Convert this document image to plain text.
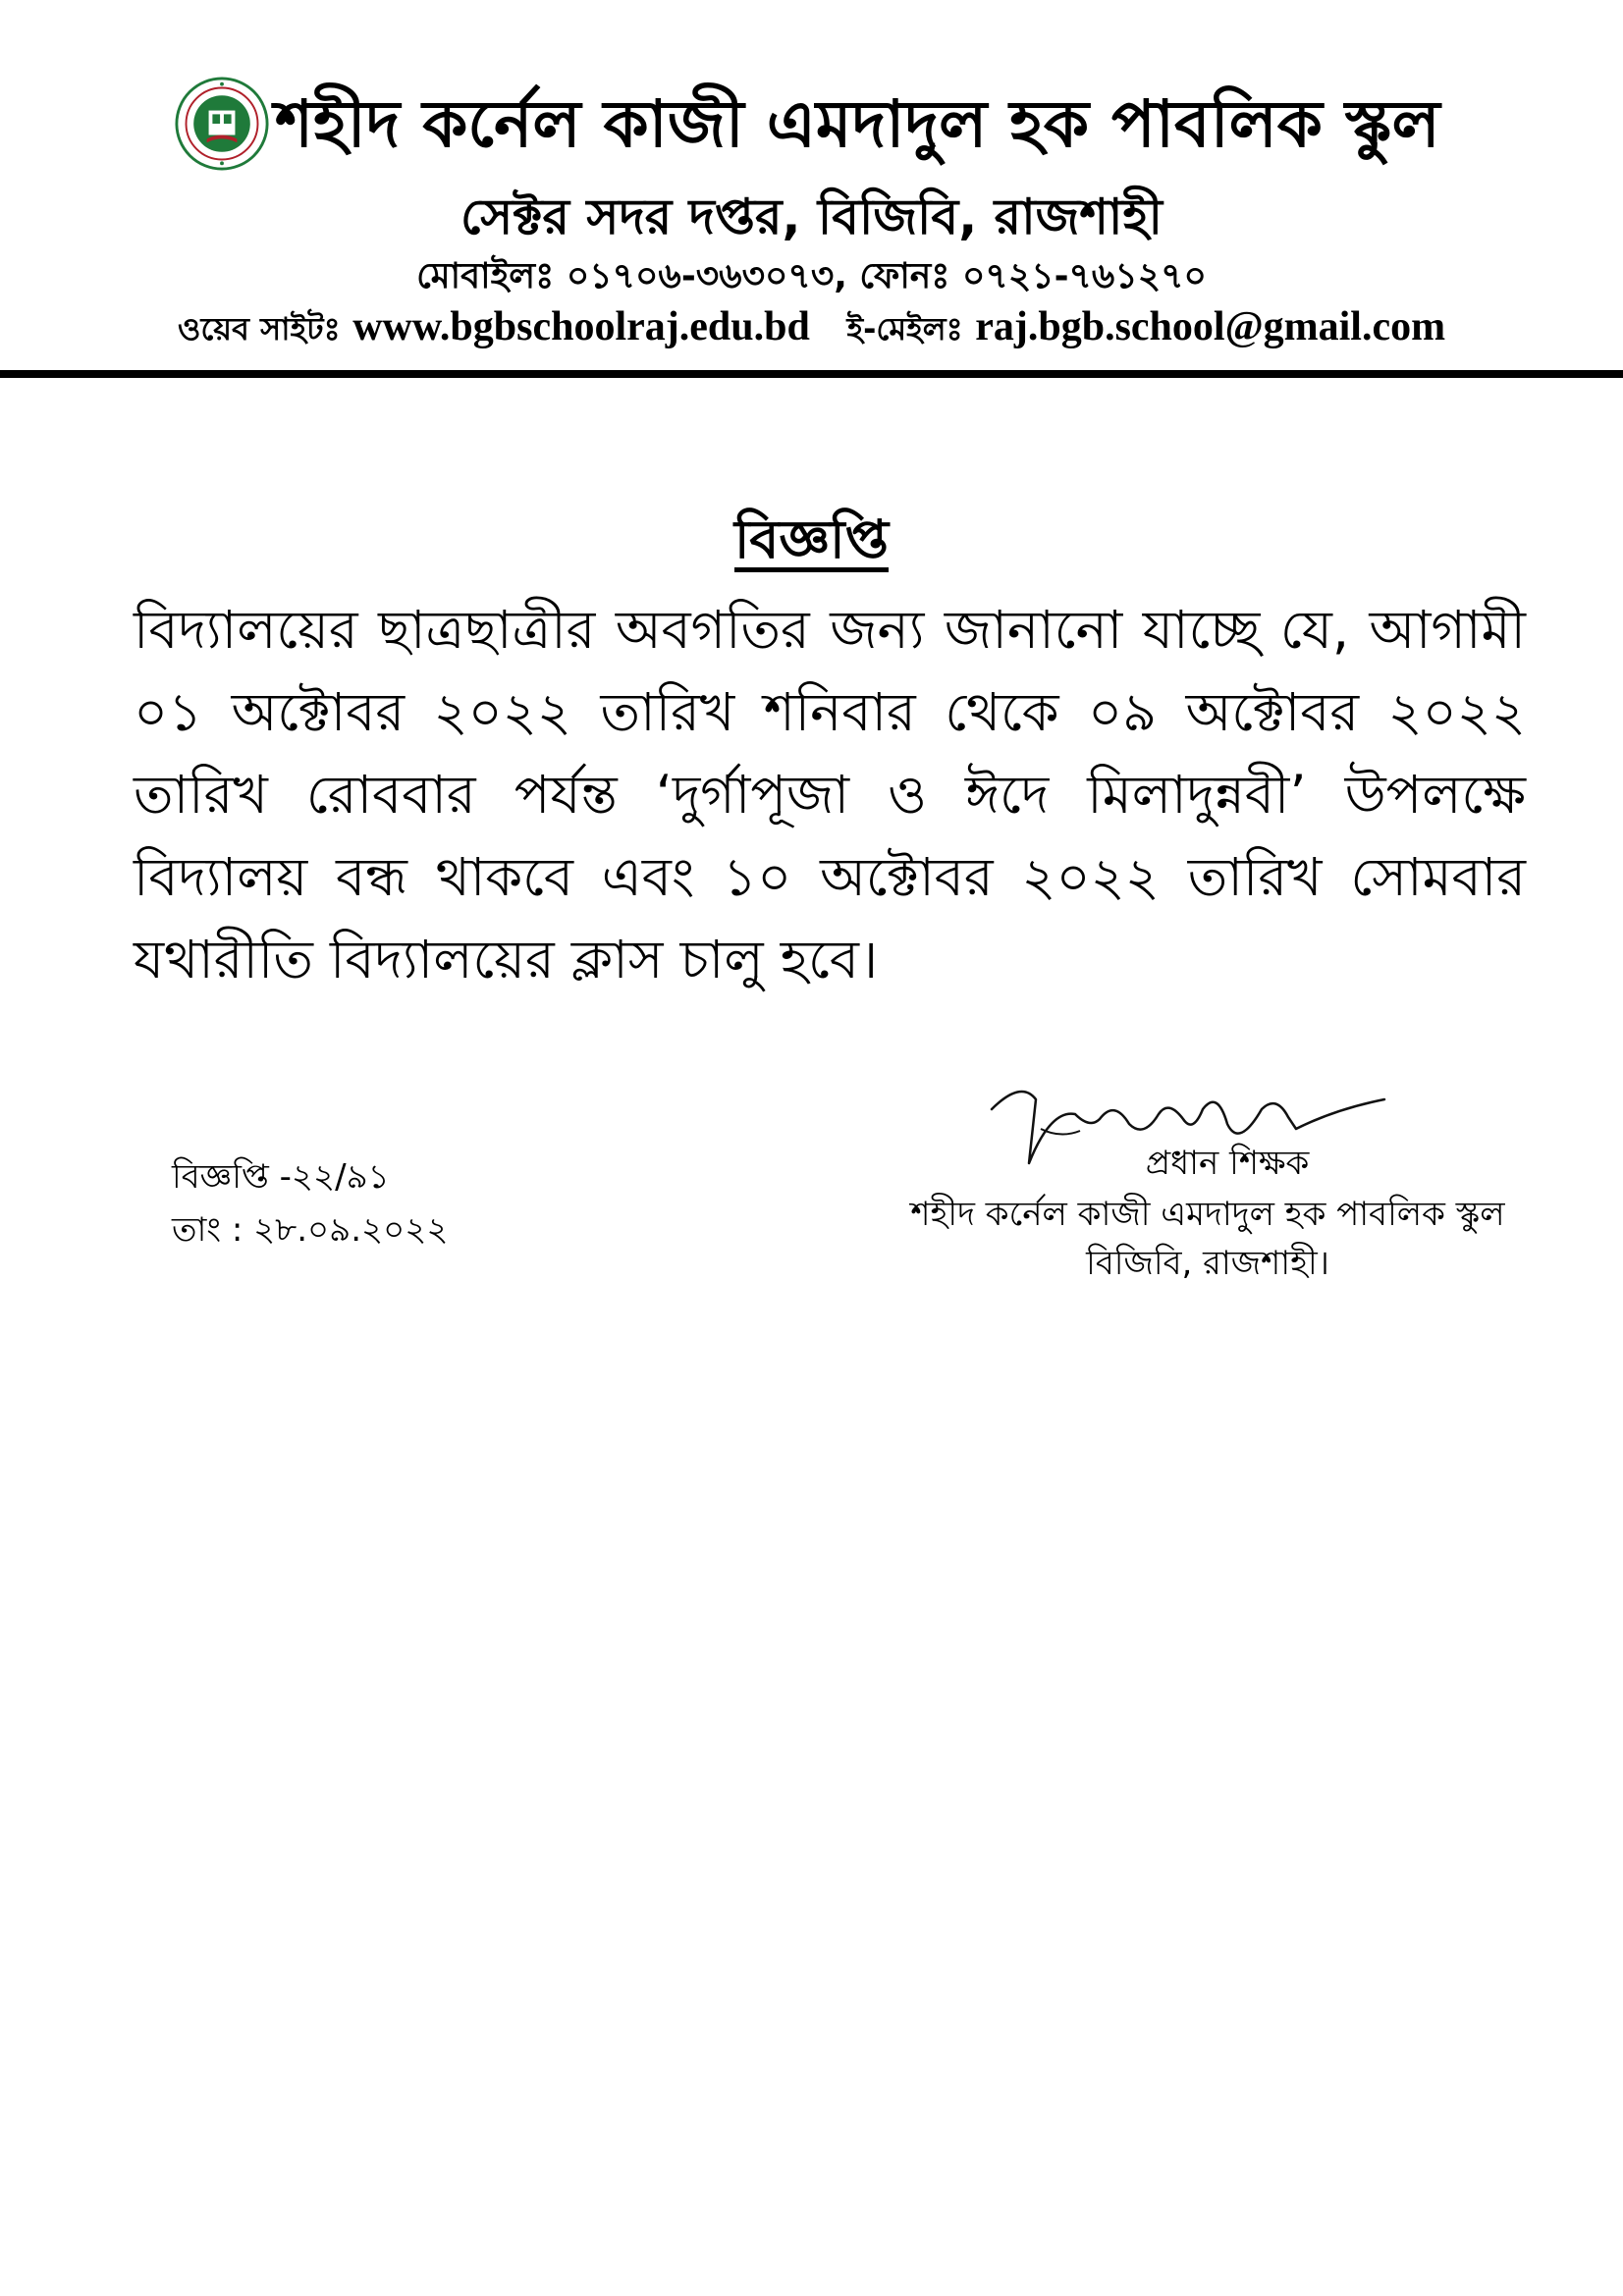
শহীদ কর্নেল কাজী এমদাদুল হক পাবলিক স্কুল
সেক্টর সদর দপ্তর, বিজিবি, রাজশাহী
মোবাইলঃ ০১৭০৬-৩৬৩০৭৩, ফোনঃ ০৭২১-৭৬১২৭০
ওয়েব সাইটঃ www.bgbschoolraj.edu.bd ই-মেইলঃ raj.bgb.school@gmail.com
বিজ্ঞপ্তি
বিদ্যালয়ের ছাত্রছাত্রীর অবগতির জন্য জানানো যাচ্ছে যে, আগামী
০১ অক্টোবর ২০২২ তারিখ শনিবার থেকে ০৯ অক্টোবর ২০২২
তারিখ রোববার পর্যন্ত ‘দুর্গাপূজা ও ঈদে মিলাদুন্নবী’ উপলক্ষে
বিদ্যালয় বন্ধ থাকবে এবং ১০ অক্টোবর ২০২২ তারিখ সোমবার
যথারীতি বিদ্যালয়ের ক্লাস চালু হবে।
বিজ্ঞপ্তি -২২/৯১
তাং : ২৮.০৯.২০২২
প্রধান শিক্ষক
শহীদ কর্নেল কাজী এমদাদুল হক পাবলিক স্কুল
বিজিবি, রাজশাহী।
